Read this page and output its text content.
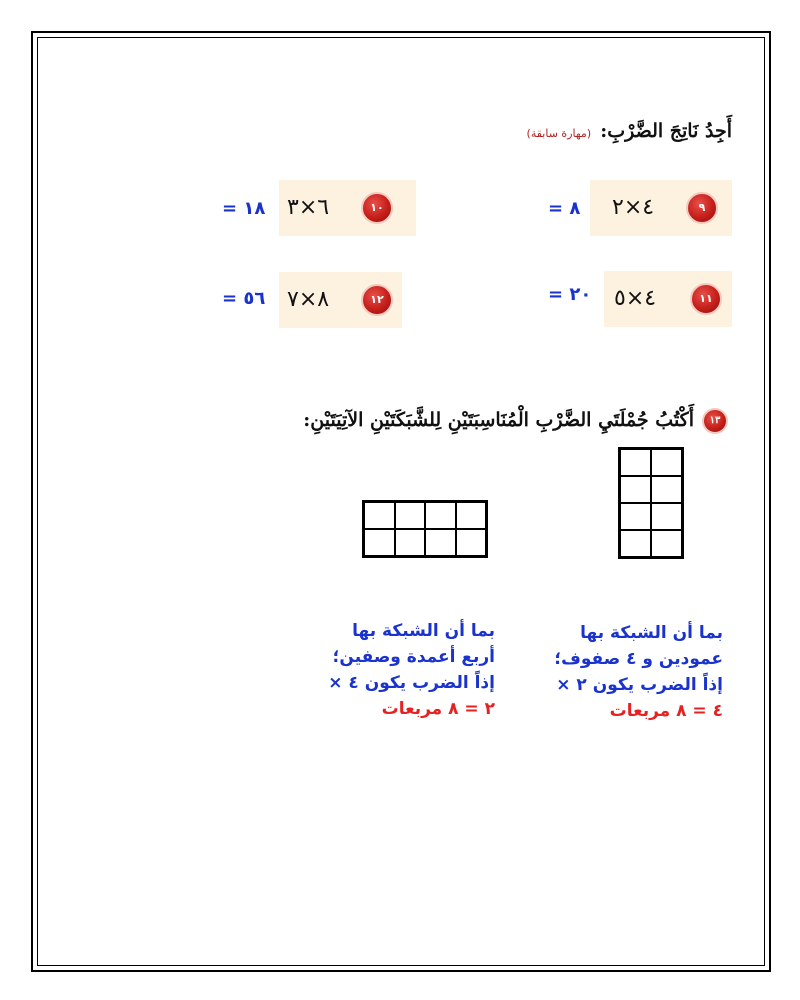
أَجِدُ نَاتِجَ الضَّرْبِ: (مهارة سابقة)
٩
٤×٢
٨ =
١٠
٦×٣
١٨ =
١١
٤×٥
٢٠ =
١٢
٨×٧
٥٦ =
١٣أَكْتُبُ جُمْلَتَيِ الضَّرْبِ الْمُنَاسِبَتَيْنِ لِلشَّبَكَتَيْنِ الآتِيَتَيْنِ:
بما أن الشبكة بها
عمودين و ٤ صفوف؛
إذاً الضرب يكون ٢ ×
٤ = ٨ مربعات
بما أن الشبكة بها
أربع أعمدة وصفين؛
إذاً الضرب يكون ٤ ×
٢ = ٨ مربعات
